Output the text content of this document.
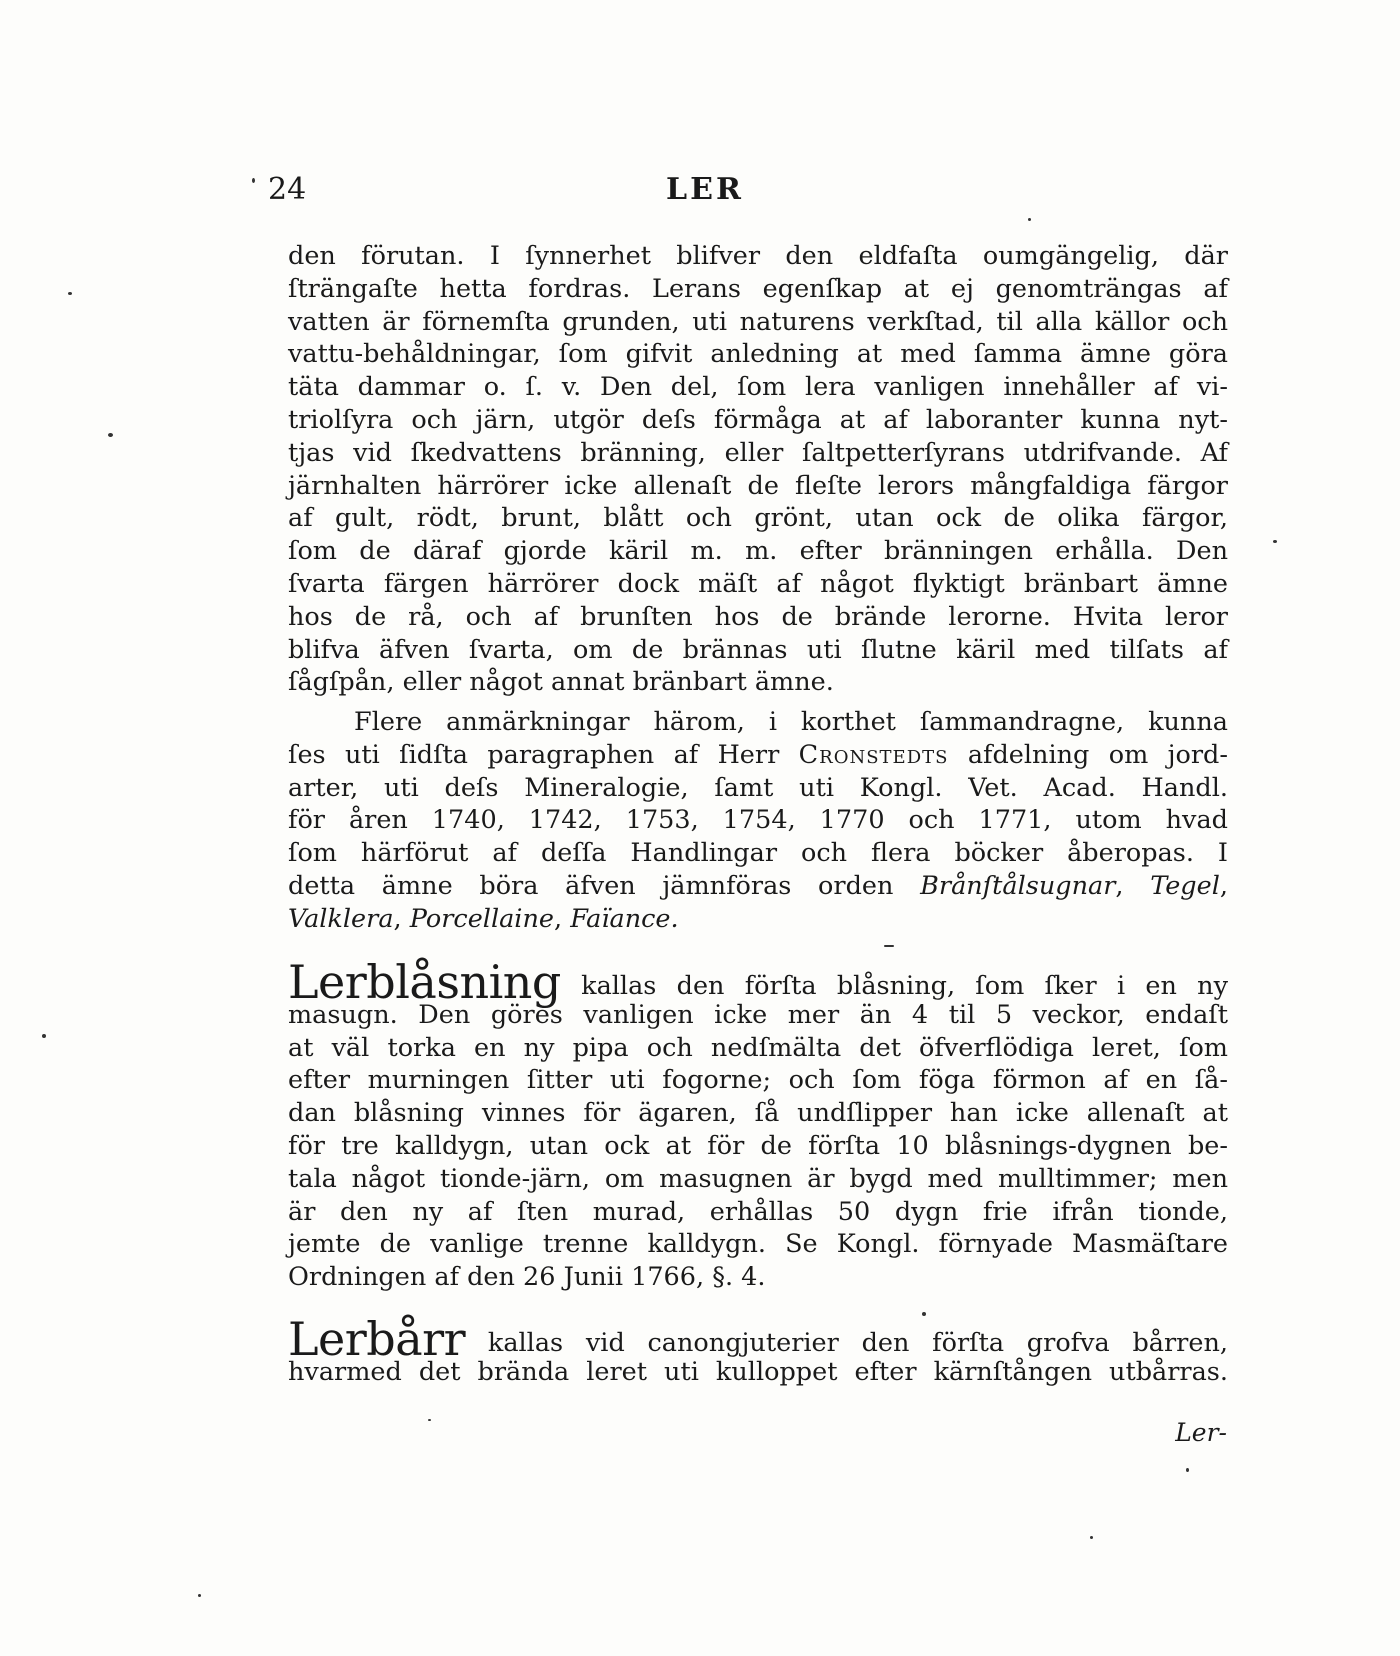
24	LER
den förutan. I ſynnerhet blifver den eldfaſta oumgängelig, där
ſträngaſte hetta fordras. Lerans egenſkap at ej genomträngas af
vatten är förnemſta grunden, uti naturens verkſtad, til alla källor och
vattu-behåldningar, ſom gifvit anledning at med ſamma ämne göra
täta dammar o. ſ. v. Den del, ſom lera vanligen innehåller af vi-
triolſyra och järn, utgör deſs förmåga at af laboranter kunna nyt-
tjas vid ſkedvattens bränning, eller ſaltpetterſyrans utdrifvande. Af
järnhalten härrörer icke allenaſt de fleſte lerors mångfaldiga färgor
af gult, rödt, brunt, blått och grönt, utan ock de olika färgor,
ſom de däraf gjorde käril m. m. efter bränningen erhålla. Den
ſvarta färgen härrörer dock mäſt af något flyktigt bränbart ämne
hos de rå, och af brunſten hos de brände lerorne. Hvita leror
blifva äfven ſvarta, om de brännas uti ſlutne käril med tilſats af
ſågſpån, eller något annat bränbart ämne.
Flere anmärkningar härom, i korthet ſammandragne, kunna
ſes uti ſidſta paragraphen af Herr Cronstedts afdelning om jord-
arter, uti deſs Mineralogie, ſamt uti Kongl. Vet. Acad. Handl.
för åren 1740, 1742, 1753, 1754, 1770 och 1771, utom hvad
ſom härförut af deſſa Handlingar och flera böcker åberopas. I
detta ämne böra äfven jämnföras orden Brånſtålsugnar, Tegel,
Valklera, Porcellaine, Faïance.
Lerblåsning kallas den förſta blåsning, ſom ſker i en ny
masugn. Den göres vanligen icke mer än 4 til 5 veckor, endaſt
at väl torka en ny pipa och nedſmälta det öfverflödiga leret, ſom
efter murningen ſitter uti fogorne; och ſom föga förmon af en ſå-
dan blåsning vinnes för ägaren, ſå undſlipper han icke allenaſt at
för tre kalldygn, utan ock at för de förſta 10 blåsnings-dygnen be-
tala något tionde-järn, om masugnen är bygd med mulltimmer; men
är den ny af ſten murad, erhållas 50 dygn frie ifrån tionde,
jemte de vanlige trenne kalldygn. Se Kongl. förnyade Masmäſtare
Ordningen af den 26 Junii 1766, §. 4.
Lerbårr kallas vid canongjuterier den förſta grofva bårren,
hvarmed det brända leret uti kulloppet efter kärnſtången utbårras.
Ler-
